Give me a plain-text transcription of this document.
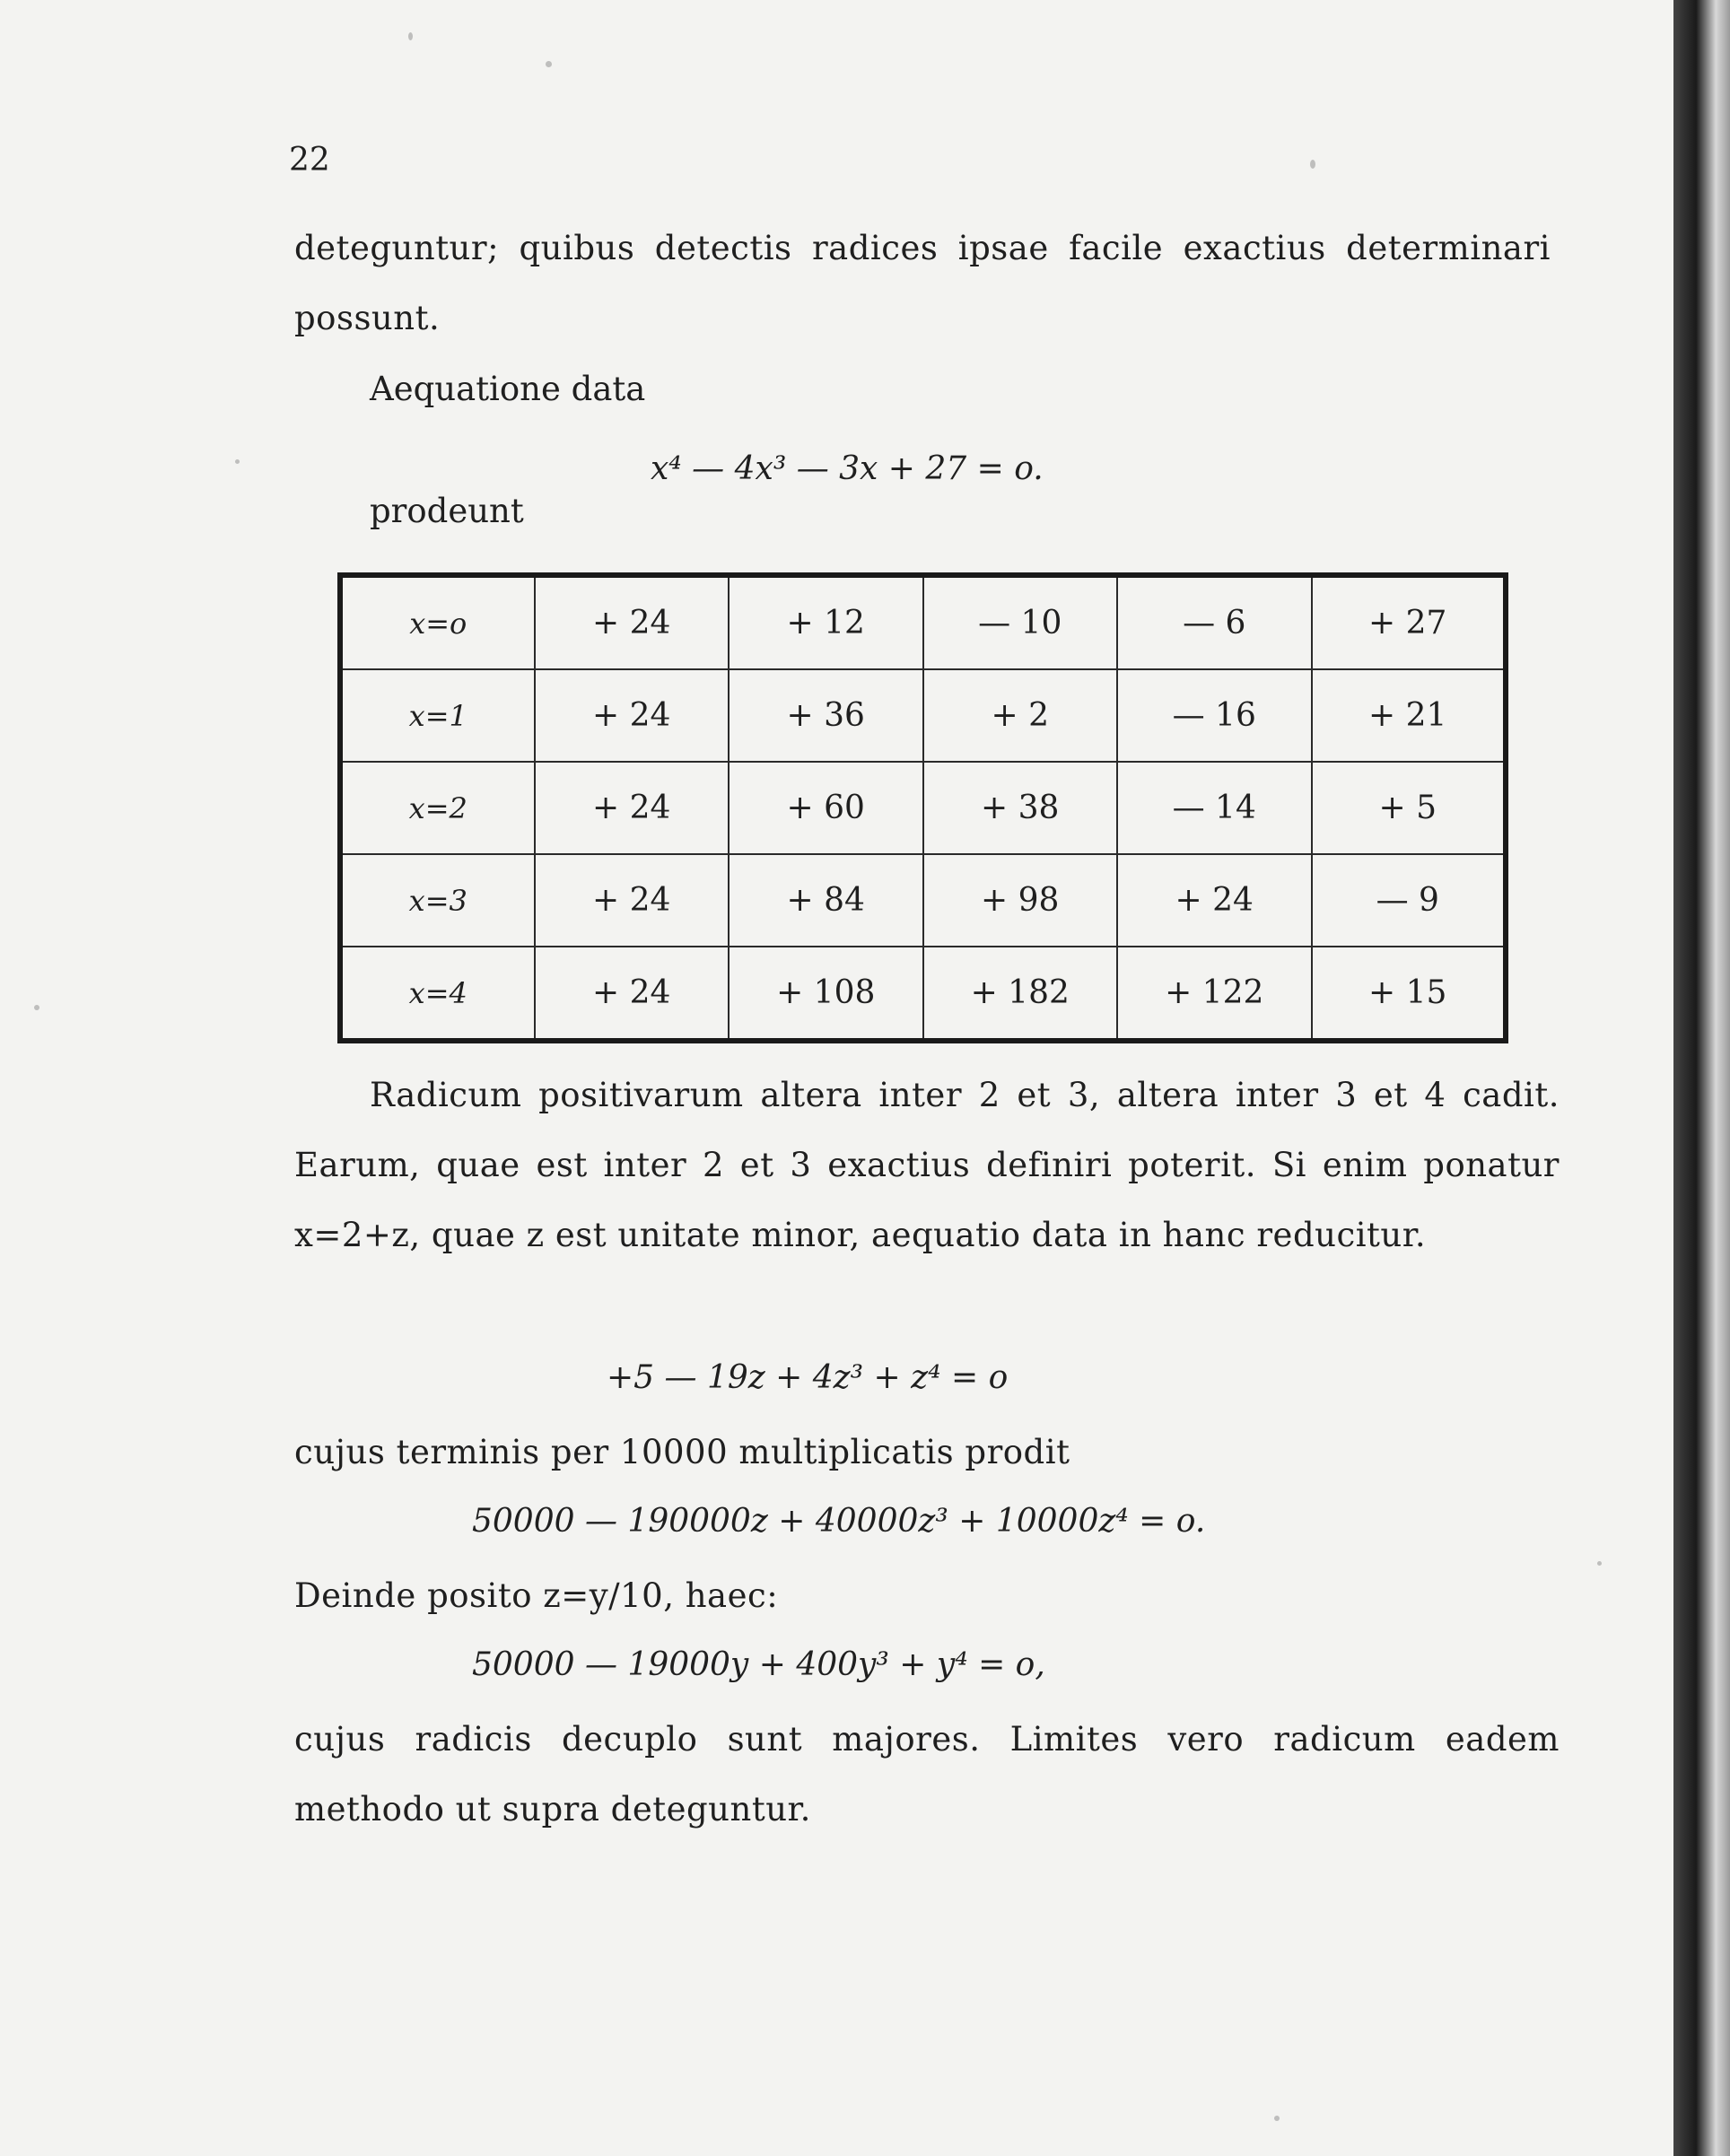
22
deteguntur; quibus detectis radices ipsae facile exactius determinari possunt.
Aequatione data
x⁴ — 4x³ — 3x + 27 = o.
prodeunt
x=o	+ 24	+ 12	— 10	— 6	+ 27
x=1	+ 24	+ 36	+ 2	— 16	+ 21
x=2	+ 24	+ 60	+ 38	— 14	+ 5
x=3	+ 24	+ 84	+ 98	+ 24	— 9
x=4	+ 24	+ 108	+ 182	+ 122	+ 15
Radicum positivarum altera inter 2 et 3, altera inter 3 et 4 cadit. Earum, quae est inter 2 et 3 exactius definiri poterit. Si enim ponatur x=2+z, quae z est unitate minor, aequatio data in hanc reducitur.
+5 — 19z + 4z³ + z⁴ = o
cujus terminis per 10000 multiplicatis prodit
50000 — 190000z + 40000z³ + 10000z⁴ = o.
Deinde posito z=y/10, haec:
50000 — 19000y + 400y³ + y⁴ = o,
cujus radicis decuplo sunt majores. Limites vero radicum eadem methodo ut supra deteguntur.
